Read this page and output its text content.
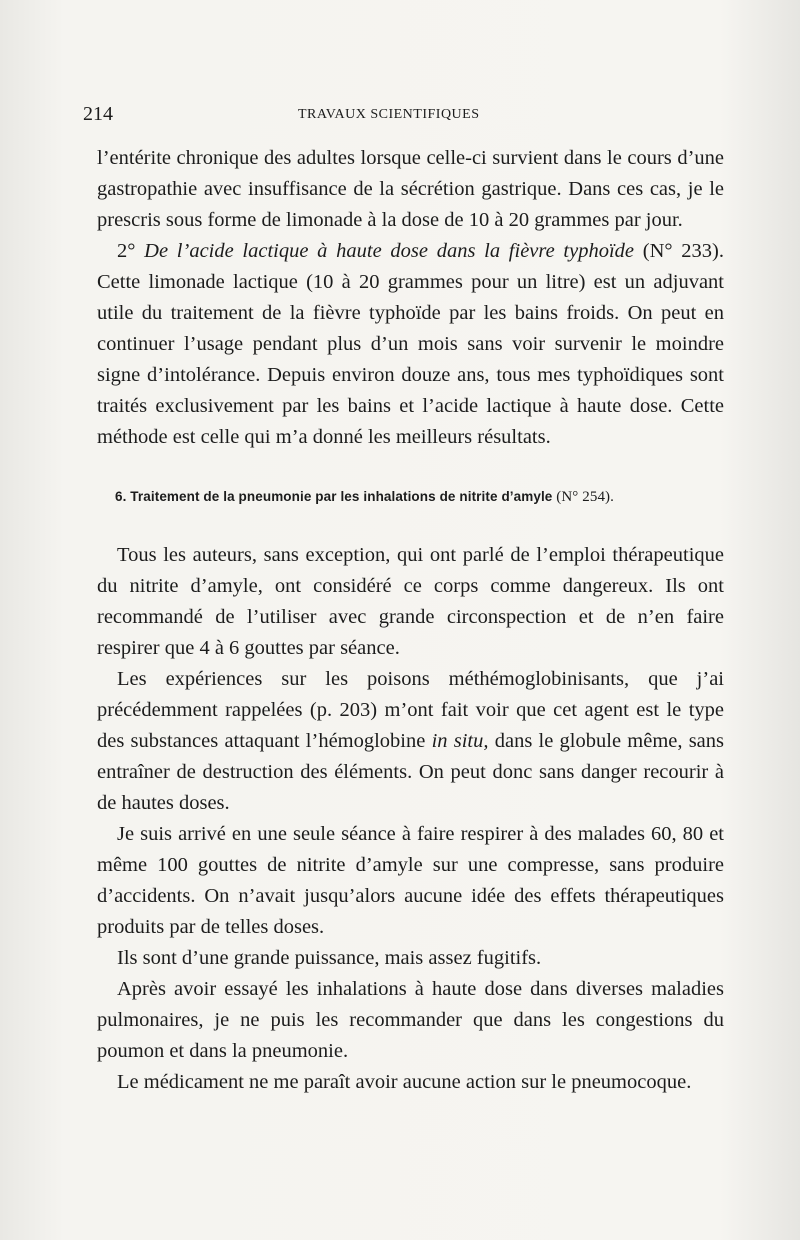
214	TRAVAUX SCIENTIFIQUES

l’entérite chronique des adultes lorsque celle-ci survient dans le cours d’une gastropathie avec insuffisance de la sécrétion gastrique. Dans ces cas, je le prescris sous forme de limonade à la dose de 10 à 20 grammes par jour.

2° De l’acide lactique à haute dose dans la fièvre typhoïde (N° 233). Cette limonade lactique (10 à 20 grammes pour un litre) est un adjuvant utile du traitement de la fièvre typhoïde par les bains froids. On peut en continuer l’usage pendant plus d’un mois sans voir survenir le moindre signe d’intolérance. Depuis environ douze ans, tous mes typhoïdiques sont traités exclusivement par les bains et l’acide lactique à haute dose. Cette méthode est celle qui m’a donné les meilleurs résultats.

6. Traitement de la pneumonie par les inhalations de nitrite d’amyle (N° 254).

Tous les auteurs, sans exception, qui ont parlé de l’emploi thérapeutique du nitrite d’amyle, ont considéré ce corps comme dangereux. Ils ont recommandé de l’utiliser avec grande circonspection et de n’en faire respirer que 4 à 6 gouttes par séance.

Les expériences sur les poisons méthémoglobinisants, que j’ai précédemment rappelées (p. 203) m’ont fait voir que cet agent est le type des substances attaquant l’hémoglobine in situ, dans le globule même, sans entraîner de destruction des éléments. On peut donc sans danger recourir à de hautes doses.

Je suis arrivé en une seule séance à faire respirer à des malades 60, 80 et même 100 gouttes de nitrite d’amyle sur une compresse, sans produire d’accidents. On n’avait jusqu’alors aucune idée des effets thérapeutiques produits par de telles doses.

Ils sont d’une grande puissance, mais assez fugitifs.

Après avoir essayé les inhalations à haute dose dans diverses maladies pulmonaires, je ne puis les recommander que dans les congestions du poumon et dans la pneumonie.

Le médicament ne me paraît avoir aucune action sur le pneumocoque.
